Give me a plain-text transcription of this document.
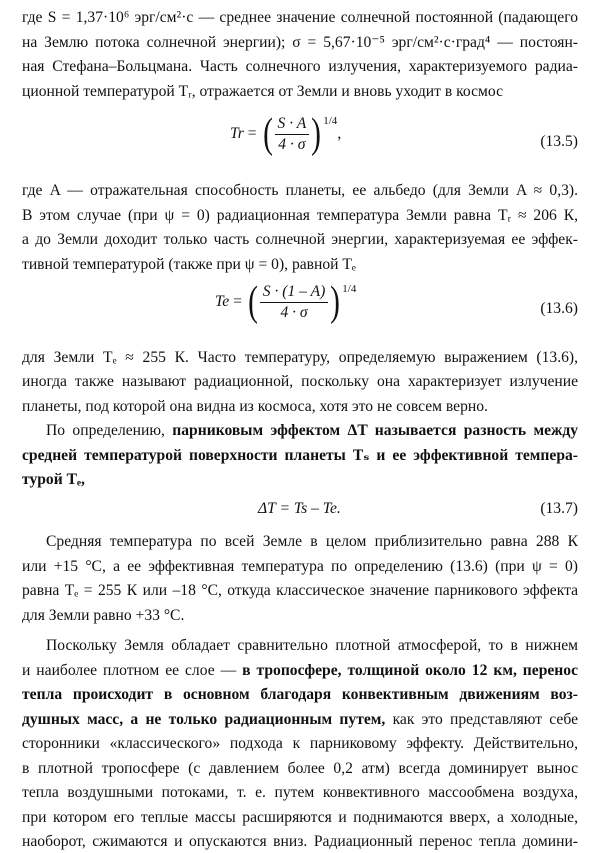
где S = 1,37·10⁶ эрг/см²·с — среднее значение солнечной постоянной (падающего
на Землю потока солнечной энергии); σ = 5,67·10⁻⁵ эрг/см²·с·град⁴ — постоян-
ная Стефана–Больцмана. Часть солнечного излучения, характеризуемого радиа-
ционной температурой Tᵣ, отражается от Земли и вновь уходит в космос
Tr = ( $\frac{S \cdot A}{4 \cdot \sigma}$ ) $^{1/4}$,	(13.5)
где A — отражательная способность планеты, ее альбедо (для Земли A ≈ 0,3).
В этом случае (при ψ = 0) радиационная температура Земли равна Tᵣ ≈ 206 К,
а до Земли доходит только часть солнечной энергии, характеризуемая ее эффек-
тивной температурой (также при ψ = 0), равной Tₑ
Te = ( $\frac{S \cdot (1 - A)}{4 \cdot \sigma}$ ) $^{1/4}$
(13.6)
для Земли Tₑ ≈ 255 К. Часто температуру, определяемую выражением (13.6),
иногда также называют радиационной, поскольку она характеризует излучение
планеты, под которой она видна из космоса, хотя это не совсем верно.
По определению, парниковым эффектом ΔT называется разность между
средней температурой поверхности планеты Tₛ и ее эффективной темпера-
турой Tₑ,
ΔT = Ts – Te.	(13.7)
Средняя температура по всей Земле в целом приблизительно равна 288 К
или +15 °С, а ее эффективная температура по определению (13.6) (при ψ = 0)
равна Tₑ = 255 К или –18 °С, откуда классическое значение парникового эффекта
для Земли равно +33 °С.
Поскольку Земля обладает сравнительно плотной атмосферой, то в нижнем
и наиболее плотном ее слое — в тропосфере, толщиной около 12 км, перенос
тепла происходит в основном благодаря конвективным движениям воз-
душных масс, а не только радиационным путем, как это представляют себе
сторонники «классического» подхода к парниковому эффекту. Действительно,
в плотной тропосфере (с давлением более 0,2 атм) всегда доминирует вынос
тепла воздушными потоками, т. е. путем конвективного массообмена воздуха,
при котором его теплые массы расширяются и поднимаются вверх, а холодные,
наоборот, сжимаются и опускаются вниз. Радиационный перенос тепла домини-
